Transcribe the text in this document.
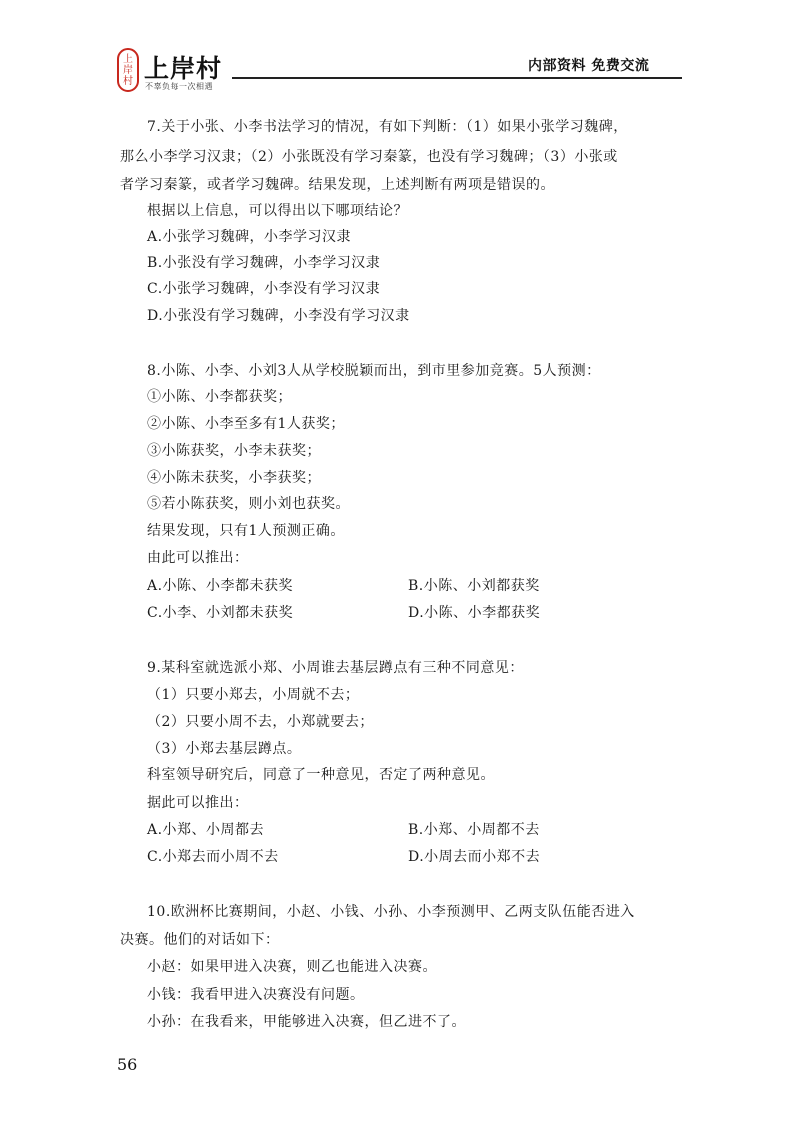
上
岸
村 上岸村
不辜负每一次相遇
内部资料 免费交流
7.关于小张、小李书法学习的情况，有如下判断：（1）如果小张学习魏碑，
那么小李学习汉隶；（2）小张既没有学习秦篆，也没有学习魏碑；（3）小张或
者学习秦篆，或者学习魏碑。结果发现，上述判断有两项是错误的。
根据以上信息，可以得出以下哪项结论？
A.小张学习魏碑，小李学习汉隶
B.小张没有学习魏碑，小李学习汉隶
C.小张学习魏碑，小李没有学习汉隶
D.小张没有学习魏碑，小李没有学习汉隶
8.小陈、小李、小刘3人从学校脱颖而出，到市里参加竞赛。5人预测：
①小陈、小李都获奖；
②小陈、小李至多有1人获奖；
③小陈获奖，小李未获奖；
④小陈未获奖，小李获奖；
⑤若小陈获奖，则小刘也获奖。
结果发现，只有1人预测正确。
由此可以推出：
A.小陈、小李都未获奖	B.小陈、小刘都获奖
C.小李、小刘都未获奖	D.小陈、小李都获奖
9.某科室就选派小郑、小周谁去基层蹲点有三种不同意见：
（1）只要小郑去，小周就不去；
（2）只要小周不去，小郑就要去；
（3）小郑去基层蹲点。
科室领导研究后，同意了一种意见，否定了两种意见。
据此可以推出：
A.小郑、小周都去	B.小郑、小周都不去
C.小郑去而小周不去	D.小周去而小郑不去
10.欧洲杯比赛期间，小赵、小钱、小孙、小李预测甲、乙两支队伍能否进入
决赛。他们的对话如下：
小赵：如果甲进入决赛，则乙也能进入决赛。
小钱：我看甲进入决赛没有问题。
小孙：在我看来，甲能够进入决赛，但乙进不了。
56
